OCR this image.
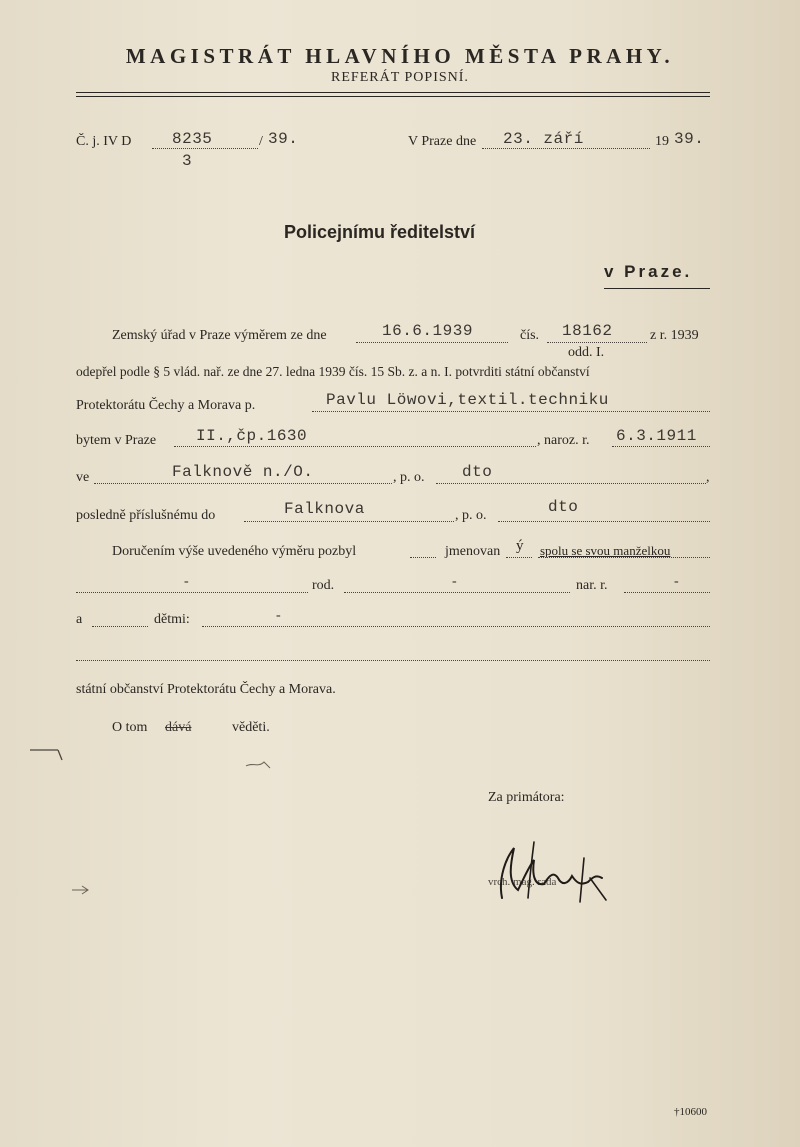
MAGISTRÁT HLAVNÍHO MĚSTA PRAHY.
REFERÁT POPISNÍ.
Č. j. IV D	8235
3
/ 39.	V Praze dne 23. září	19 39.
Policejnímu ředitelství
v Praze.
Zemský úřad v Praze výměrem ze dne	16.6.1939	čís. 18162	z r. 1939
odd. I.
odepřel podle § 5 vlád. nař. ze dne 27. ledna 1939 čís. 15 Sb. z. a n. I. potvrditi státní občanství
Protektorátu Čechy a Morava p.	Pavlu Löwovi,textil.techniku
bytem v Praze II.,čp.1630	, naroz. r. 6.3.1911
ve	Falknově n./O.	, p. o. dto	,
posledně příslušnému do	Falknova	, p. o.	dto
Doručením výše uvedeného výměru pozbyl	jmenovan ý spolu se svou manželkou
-	rod.	-	nar. r.	-
a	dětmi:	-
státní občanství Protektorátu Čechy a Morava.
O tom dává	věděti.
Za primátora:
vrch. mag. rada
†10600
